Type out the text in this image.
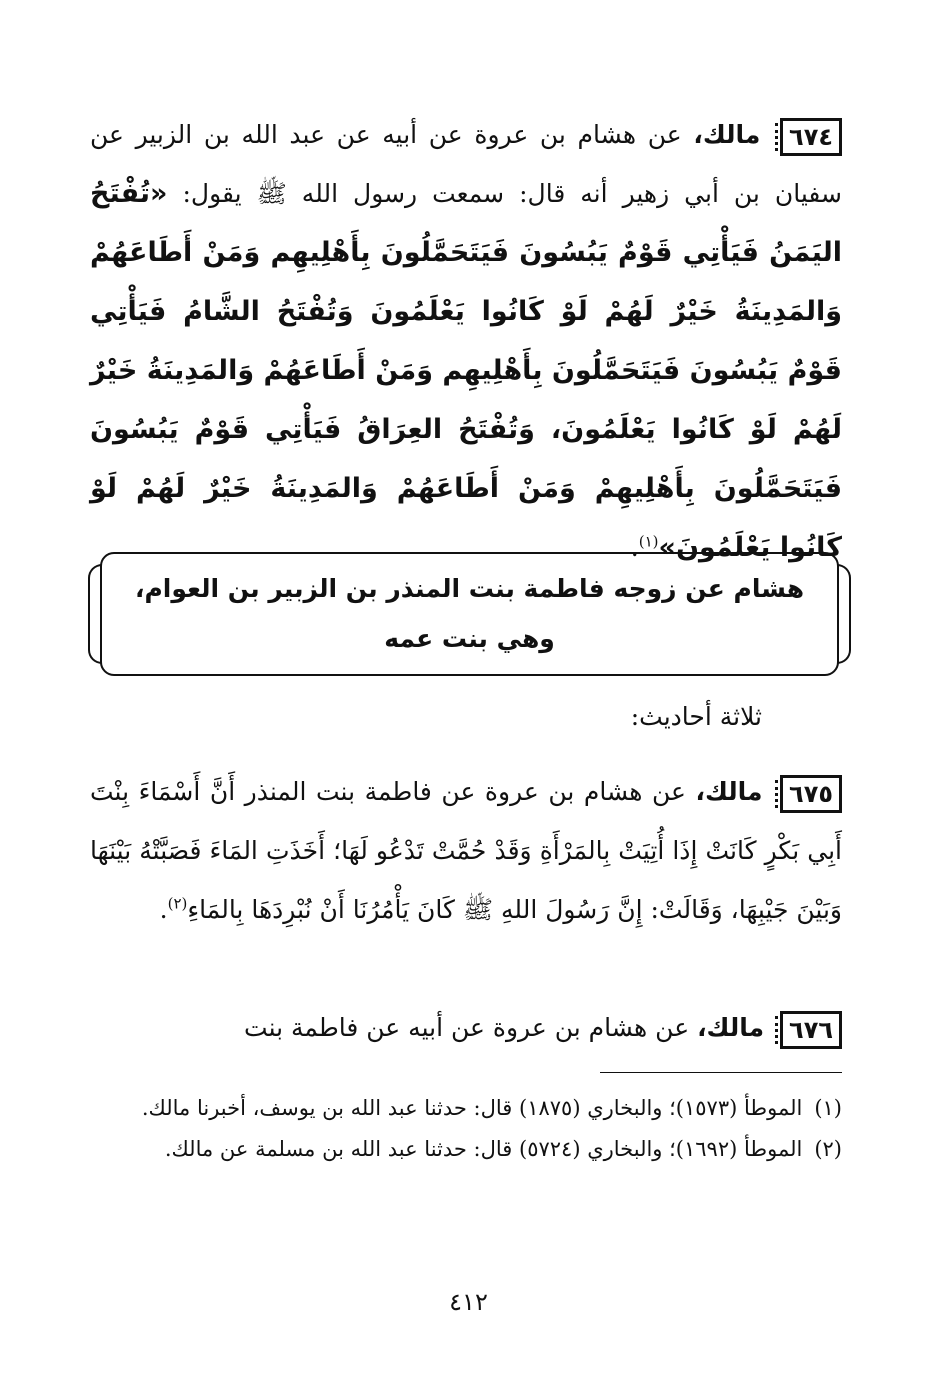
٦٧٤ مالك، عن هشام بن عروة عن أبيه عن عبد الله بن الزبير عن سفيان بن أبي زهير أنه قال: سمعت رسول الله ﷺ يقول: «تُفْتَحُ اليَمَنُ فَيَأْتِي قَوْمٌ يَبُسُونَ فَيَتَحَمَّلُونَ بِأَهْلِيهِم وَمَنْ أَطَاعَهُمْ وَالمَدِينَةُ خَيْرٌ لَهُمْ لَوْ كَانُوا يَعْلَمُونَ وَتُفْتَحُ الشَّامُ فَيَأْتِي قَوْمٌ يَبُسُونَ فَيَتَحَمَّلُونَ بِأَهْلِيهِم وَمَنْ أَطَاعَهُمْ وَالمَدِينَةُ خَيْرٌ لَهُمْ لَوْ كَانُوا يَعْلَمُونَ، وَتُفْتَحُ العِرَاقُ فَيَأْتِي قَوْمٌ يَبُسُونَ فَيَتَحَمَّلُونَ بِأَهْلِيهِمْ وَمَنْ أَطَاعَهُمْ وَالمَدِينَةُ خَيْرٌ لَهُمْ لَوْ كَانُوا يَعْلَمُونَ»$^{(١)}$.
هشام عن زوجه فاطمة بنت المنذر بن الزبير بن العوام،
وهي بنت عمه
ثلاثة أحاديث:
٦٧٥ مالك، عن هشام بن عروة عن فاطمة بنت المنذر أَنَّ أَسْمَاءَ بِنْتَ أَبِي بَكْرٍ كَانَتْ إِذَا أُتِيَتْ بِالمَرْأَةِ وَقَدْ حُمَّتْ تَدْعُو لَهَا؛ أَخَذَتِ المَاءَ فَصَبَّتْهُ بَيْنَهَا وَبَيْنَ جَيْبِهَا، وَقَالَتْ: إِنَّ رَسُولَ اللهِ ﷺ كَانَ يَأْمُرُنَا أَنْ نُبْرِدَهَا بِالمَاءِ$^{(٢)}$.
٦٧٦ مالك، عن هشام بن عروة عن أبيه عن فاطمة بنت
(١)
الموطأ (١٥٧٣)؛ والبخاري (١٨٧٥) قال: حدثنا عبد الله بن يوسف، أخبرنا مالك.
(٢)
الموطأ (١٦٩٢)؛ والبخاري (٥٧٢٤) قال: حدثنا عبد الله بن مسلمة عن مالك.
٤١٢
